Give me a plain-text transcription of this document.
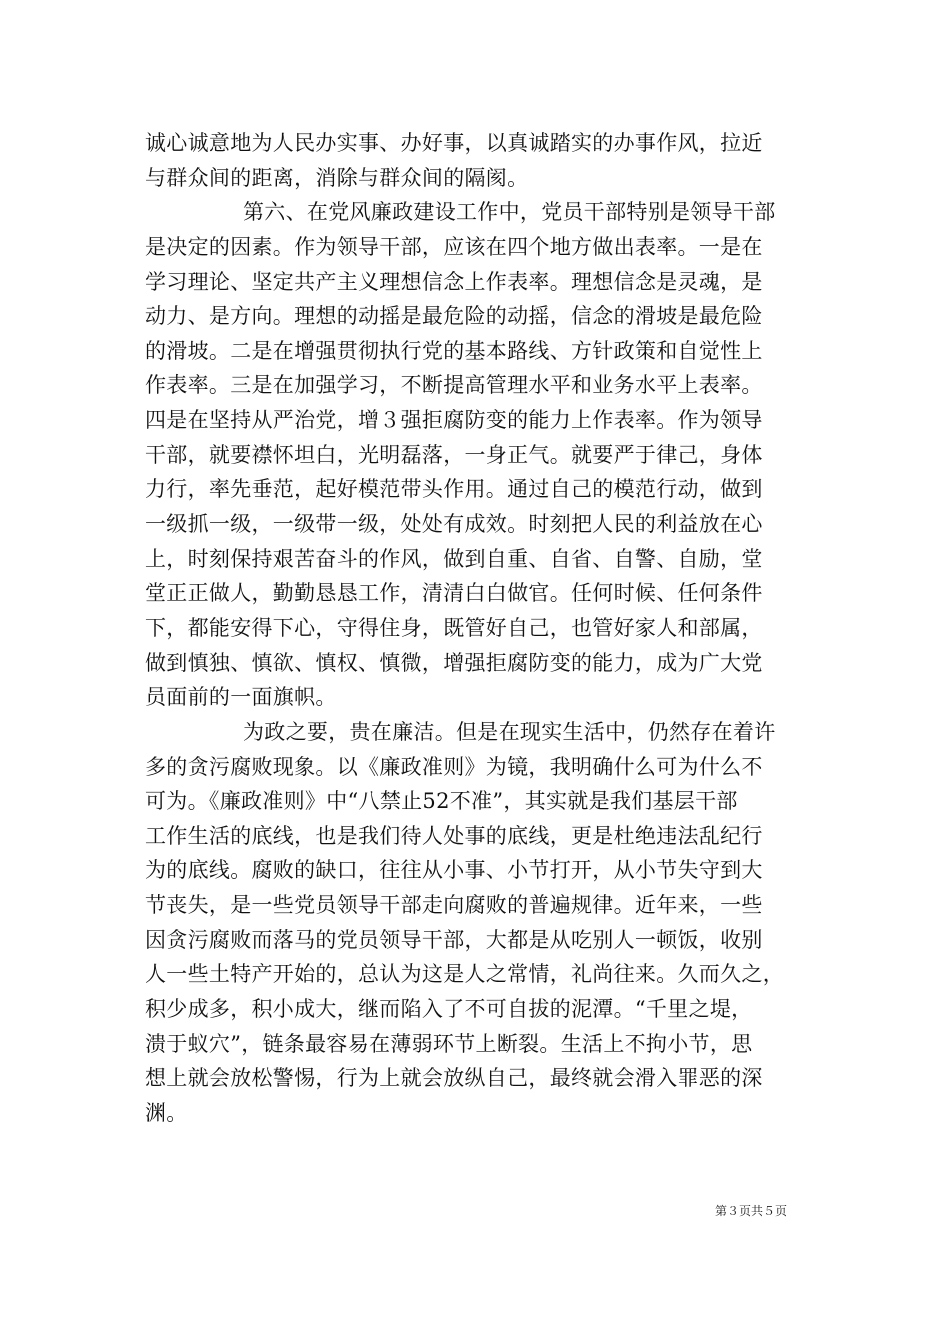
诚心诚意地为人民办实事、办好事，以真诚踏实的办事作风，拉近
与群众间的距离，消除与群众间的隔阂。
第六、在党风廉政建设工作中，党员干部特别是领导干部
是决定的因素。作为领导干部，应该在四个地方做出表率。一是在
学习理论、坚定共产主义理想信念上作表率。理想信念是灵魂，是
动力、是方向。理想的动摇是最危险的动摇，信念的滑坡是最危险
的滑坡。二是在增强贯彻执行党的基本路线、方针政策和自觉性上
作表率。三是在加强学习，不断提高管理水平和业务水平上表率。
四是在坚持从严治党，增３强拒腐防变的能力上作表率。作为领导
干部，就要襟怀坦白，光明磊落，一身正气。就要严于律己，身体
力行，率先垂范，起好模范带头作用。通过自己的模范行动，做到
一级抓一级，一级带一级，处处有成效。时刻把人民的利益放在心
上，时刻保持艰苦奋斗的作风，做到自重、自省、自警、自励，堂
堂正正做人，勤勤恳恳工作，清清白白做官。任何时候、任何条件
下，都能安得下心，守得住身，既管好自己，也管好家人和部属，
做到慎独、慎欲、慎权、慎微，增强拒腐防变的能力，成为广大党
员面前的一面旗帜。
为政之要，贵在廉洁。但是在现实生活中，仍然存在着许
多的贪污腐败现象。以《廉政准则》为镜，我明确什么可为什么不
可为。《廉政准则》中“八禁止52不准”，其实就是我们基层干部
工作生活的底线，也是我们待人处事的底线，更是杜绝违法乱纪行
为的底线。腐败的缺口，往往从小事、小节打开，从小节失守到大
节丧失，是一些党员领导干部走向腐败的普遍规律。近年来，一些
因贪污腐败而落马的党员领导干部，大都是从吃别人一顿饭，收别
人一些土特产开始的，总认为这是人之常情，礼尚往来。久而久之，
积少成多，积小成大，继而陷入了不可自拔的泥潭。“千里之堤，
溃于蚁穴”，链条最容易在薄弱环节上断裂。生活上不拘小节，思
想上就会放松警惕，行为上就会放纵自己，最终就会滑入罪恶的深
渊。
第３页共５页
